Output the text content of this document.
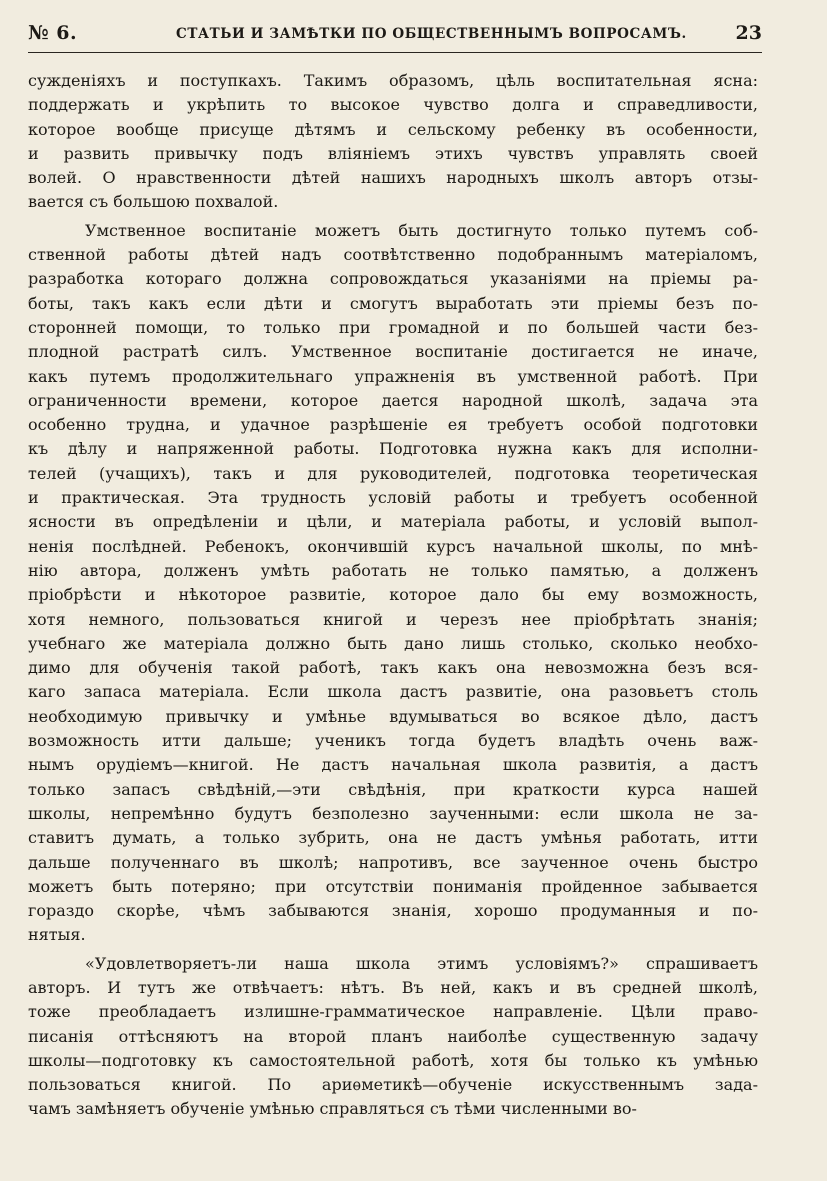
№ 6.	СТАТЬИ И ЗАМѢТКИ ПО ОБЩЕСТВЕННЫМЪ ВОПРОСАМЪ.	23
сужденіяхъ и поступкахъ. Такимъ образомъ, цѣль воспитательная ясна:
поддержать и укрѣпить то высокое чувство долга и справедливости,
которое вообще присуще дѣтямъ и сельскому ребенку въ особенности,
и развить привычку подъ вліяніемъ этихъ чувствъ управлять своей
волей. О нравственности дѣтей нашихъ народныхъ школъ авторъ отзы-
вается съ большою похвалой.
Умственное воспитаніе можетъ быть достигнуто только путемъ соб-
ственной работы дѣтей надъ соотвѣтственно подобраннымъ матеріаломъ,
разработка котораго должна сопровождаться указаніями на пріемы ра-
боты, такъ какъ если дѣти и смогутъ выработать эти пріемы безъ по-
сторонней помощи, то только при громадной и по большей части без-
плодной растратѣ силъ. Умственное воспитаніе достигается не иначе,
какъ путемъ продолжительнаго упражненія въ умственной работѣ. При
ограниченности времени, которое дается народной школѣ, задача эта
особенно трудна, и удачное разрѣшеніе ея требуетъ особой подготовки
къ дѣлу и напряженной работы. Подготовка нужна какъ для исполни-
телей (учащихъ), такъ и для руководителей, подготовка теоретическая
и практическая. Эта трудность условій работы и требуетъ особенной
ясности въ опредѣленіи и цѣли, и матеріала работы, и условій выпол-
ненія послѣдней. Ребенокъ, окончившій курсъ начальной школы, по мнѣ-
нію автора, долженъ умѣть работать не только памятью, а долженъ
пріобрѣсти и нѣкоторое развитіе, которое дало бы ему возможность,
хотя немного, пользоваться книгой и черезъ нее пріобрѣтать знанія;
учебнаго же матеріала должно быть дано лишь столько, сколько необхо-
димо для обученія такой работѣ, такъ какъ она невозможна безъ вся-
каго запаса матеріала. Если школа дастъ развитіе, она разовьетъ столь
необходимую привычку и умѣнье вдумываться во всякое дѣло, дастъ
возможность итти дальше; ученикъ тогда будетъ владѣть очень важ-
нымъ орудіемъ—книгой. Не дастъ начальная школа развитія, а дастъ
только запасъ свѣдѣній,—эти свѣдѣнія, при краткости курса нашей
школы, непремѣнно будутъ безполезно заученными: если школа не за-
ставитъ думать, а только зубрить, она не дастъ умѣнья работать, итти
дальше полученнаго въ школѣ; напротивъ, все заученное очень быстро
можетъ быть потеряно; при отсутствіи пониманія пройденное забывается
гораздо скорѣе, чѣмъ забываются знанія, хорошо продуманныя и по-
нятыя.
«Удовлетворяетъ-ли наша школа этимъ условіямъ?» спрашиваетъ
авторъ. И тутъ же отвѣчаетъ: нѣтъ. Въ ней, какъ и въ средней школѣ,
тоже преобладаетъ излишне-грамматическое направленіе. Цѣли право-
писанія оттѣсняютъ на второй планъ наиболѣе существенную задачу
школы—подготовку къ самостоятельной работѣ, хотя бы только къ умѣнью
пользоваться книгой. По ариѳметикѣ—обученіе искусственнымъ зада-
чамъ замѣняетъ обученіе умѣнью справляться съ тѣми численными во-
